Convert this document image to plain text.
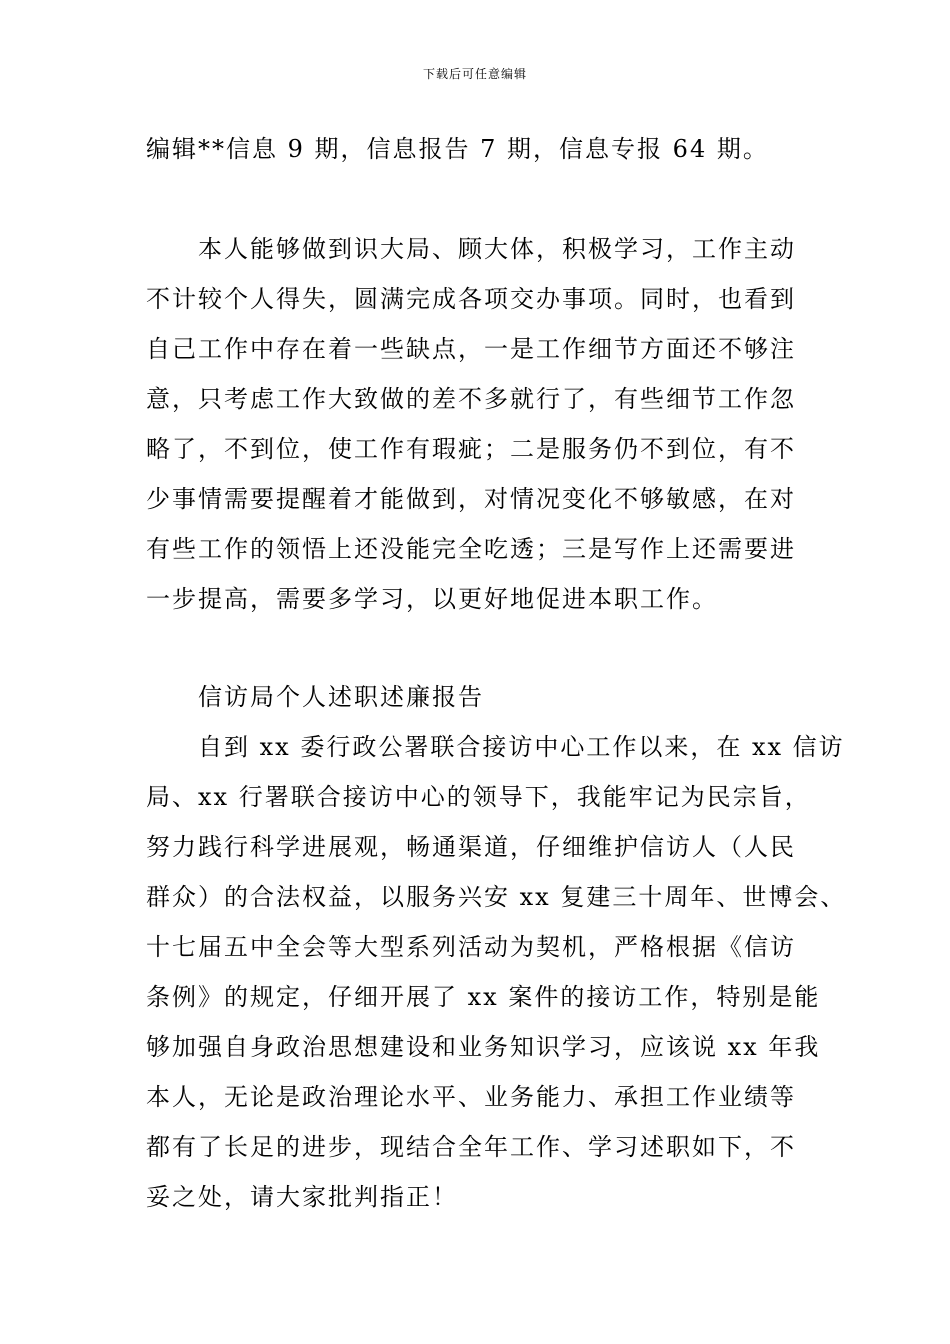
下载后可任意编辑
编辑**信息 9 期，信息报告 7 期，信息专报 64 期。
本人能够做到识大局、顾大体，积极学习，工作主动
不计较个人得失，圆满完成各项交办事项。同时，也看到
自己工作中存在着一些缺点，一是工作细节方面还不够注
意，只考虑工作大致做的差不多就行了，有些细节工作忽
略了，不到位，使工作有瑕疵；二是服务仍不到位，有不
少事情需要提醒着才能做到，对情况变化不够敏感，在对
有些工作的领悟上还没能完全吃透；三是写作上还需要进
一步提高，需要多学习，以更好地促进本职工作。
信访局个人述职述廉报告
自到 xx 委行政公署联合接访中心工作以来，在 xx 信访
局、xx 行署联合接访中心的领导下，我能牢记为民宗旨，
努力践行科学进展观，畅通渠道，仔细维护信访人（人民
群众）的合法权益，以服务兴安 xx 复建三十周年、世博会、
十七届五中全会等大型系列活动为契机，严格根据《信访
条例》的规定，仔细开展了 xx 案件的接访工作，特别是能
够加强自身政治思想建设和业务知识学习，应该说 xx 年我
本人，无论是政治理论水平、业务能力、承担工作业绩等
都有了长足的进步，现结合全年工作、学习述职如下，不
妥之处，请大家批判指正！
